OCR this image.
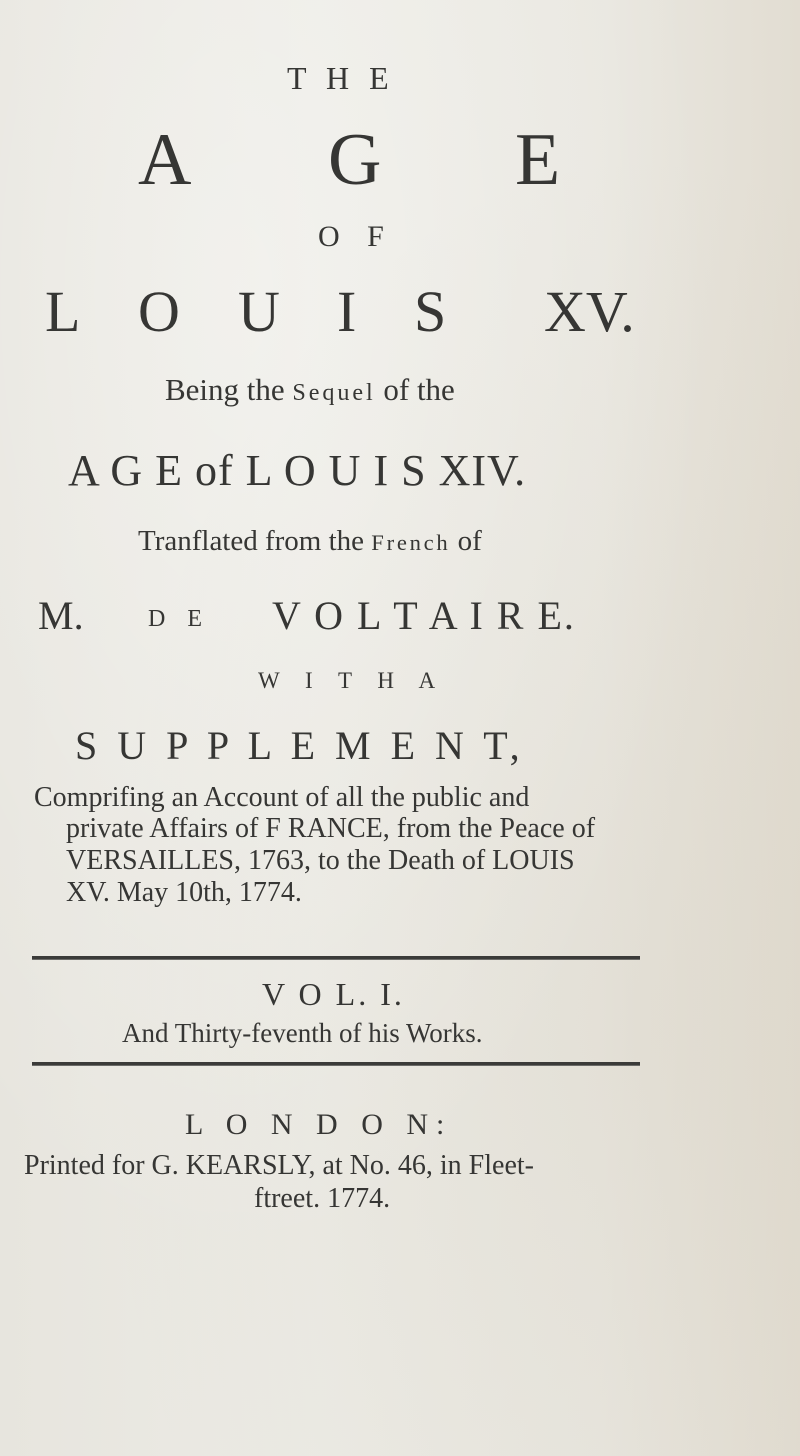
T H E
A G E
O F
L O U I S XV.
Being the Sequel of the
A G E of L O U I S XIV.
Tranflated from the French of
M.	D E V O L T A I R E.
W I T H A
S U P P L E M E N T,
Comprifing an Account of all the public and
private Affairs of F RANCE, from the Peace of
VERSAILLES, 1763, to the Death of LOUIS
XV. May 10th, 1774.
V O L. I.
And Thirty-feventh of his Works.
L O N D O N:
Printed for G. KEARSLY, at No. 46, in Fleet-
ftreet. 1774.
